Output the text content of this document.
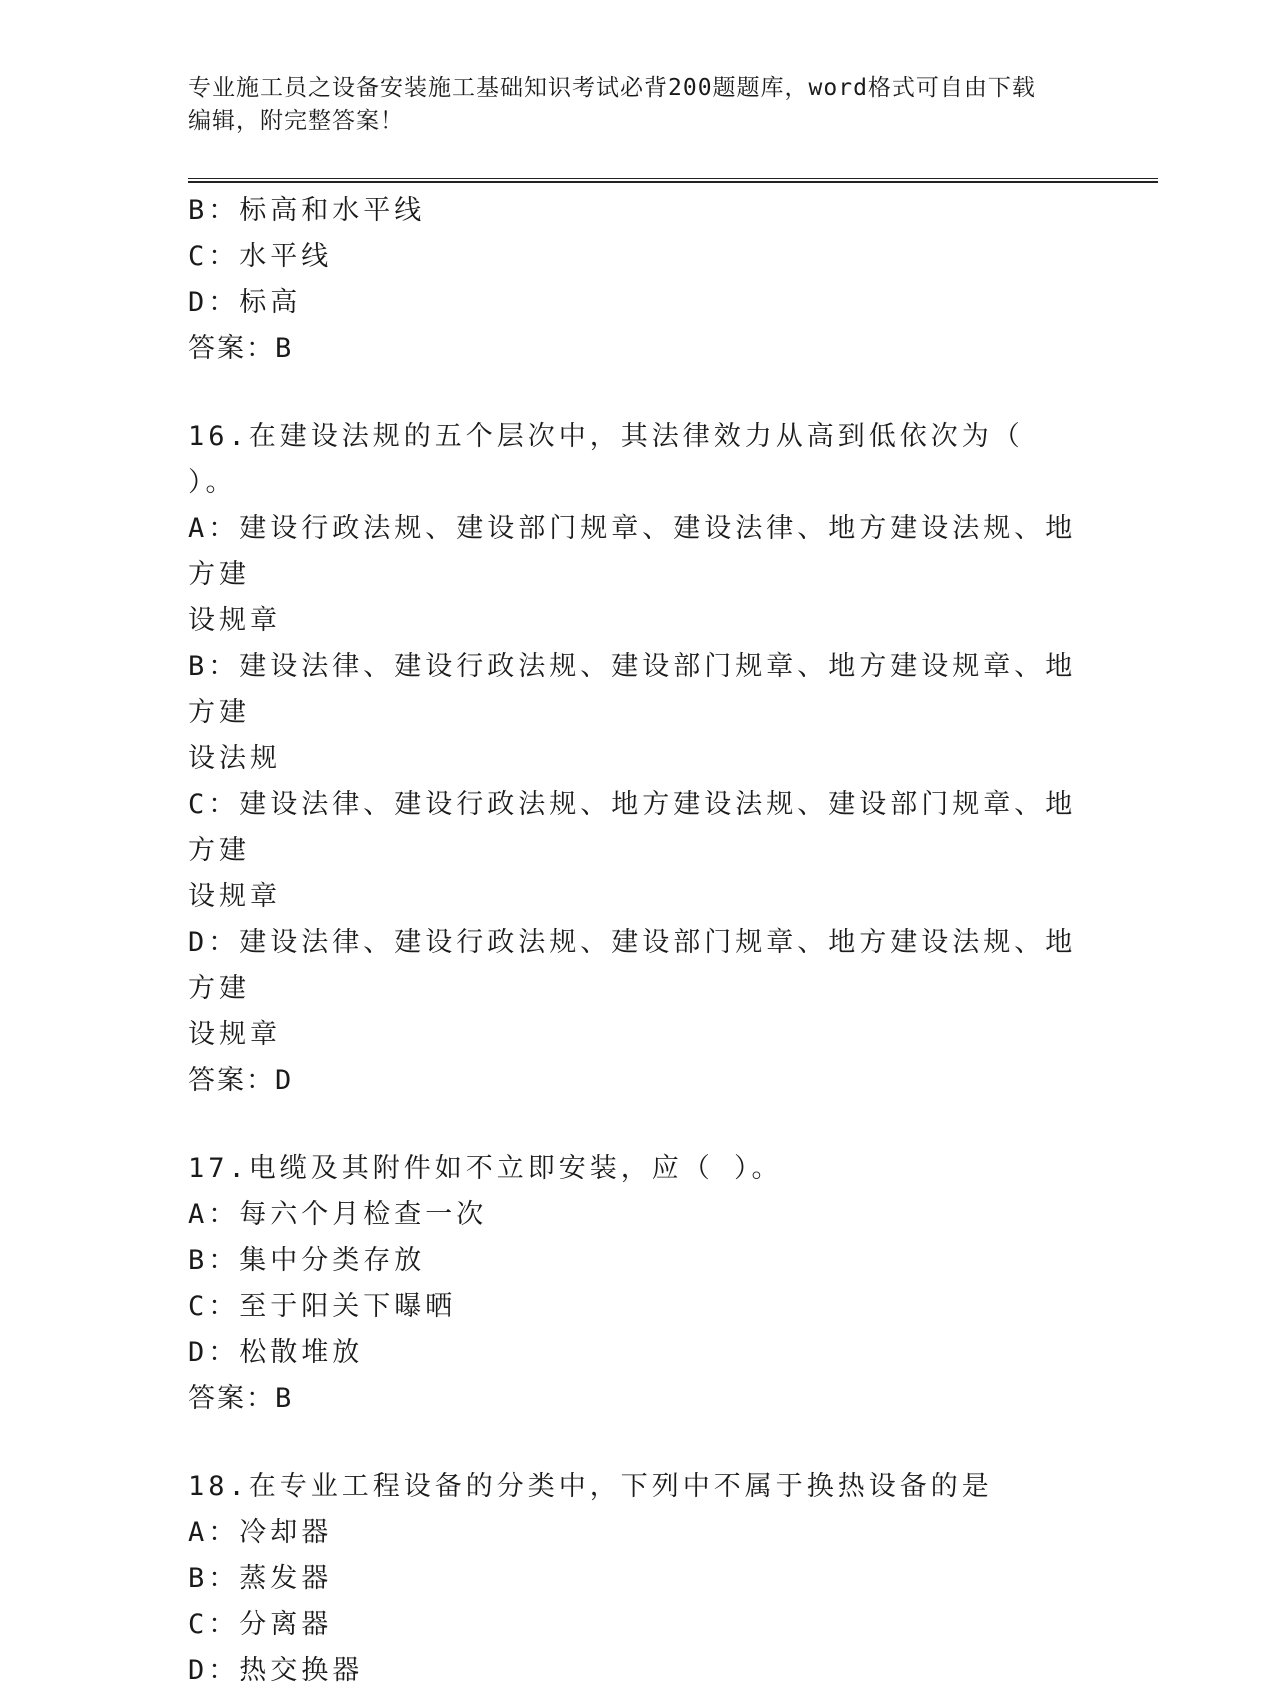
专业施工员之设备安装施工基础知识考试必背200题题库，word格式可自由下载
编辑，附完整答案！
B：标高和水平线
C：水平线
D：标高
答案：B
16.在建设法规的五个层次中，其法律效力从高到低依次为（ ）。
A：建设行政法规、建设部门规章、建设法律、地方建设法规、地方建
设规章
B：建设法律、建设行政法规、建设部门规章、地方建设规章、地方建
设法规
C：建设法律、建设行政法规、地方建设法规、建设部门规章、地方建
设规章
D：建设法律、建设行政法规、建设部门规章、地方建设法规、地方建
设规章
答案：D
17.电缆及其附件如不立即安装，应（ ）。
A：每六个月检查一次
B：集中分类存放
C：至于阳关下曝晒
D：松散堆放
答案：B
18.在专业工程设备的分类中，下列中不属于换热设备的是
A：冷却器
B：蒸发器
C：分离器
D：热交换器
